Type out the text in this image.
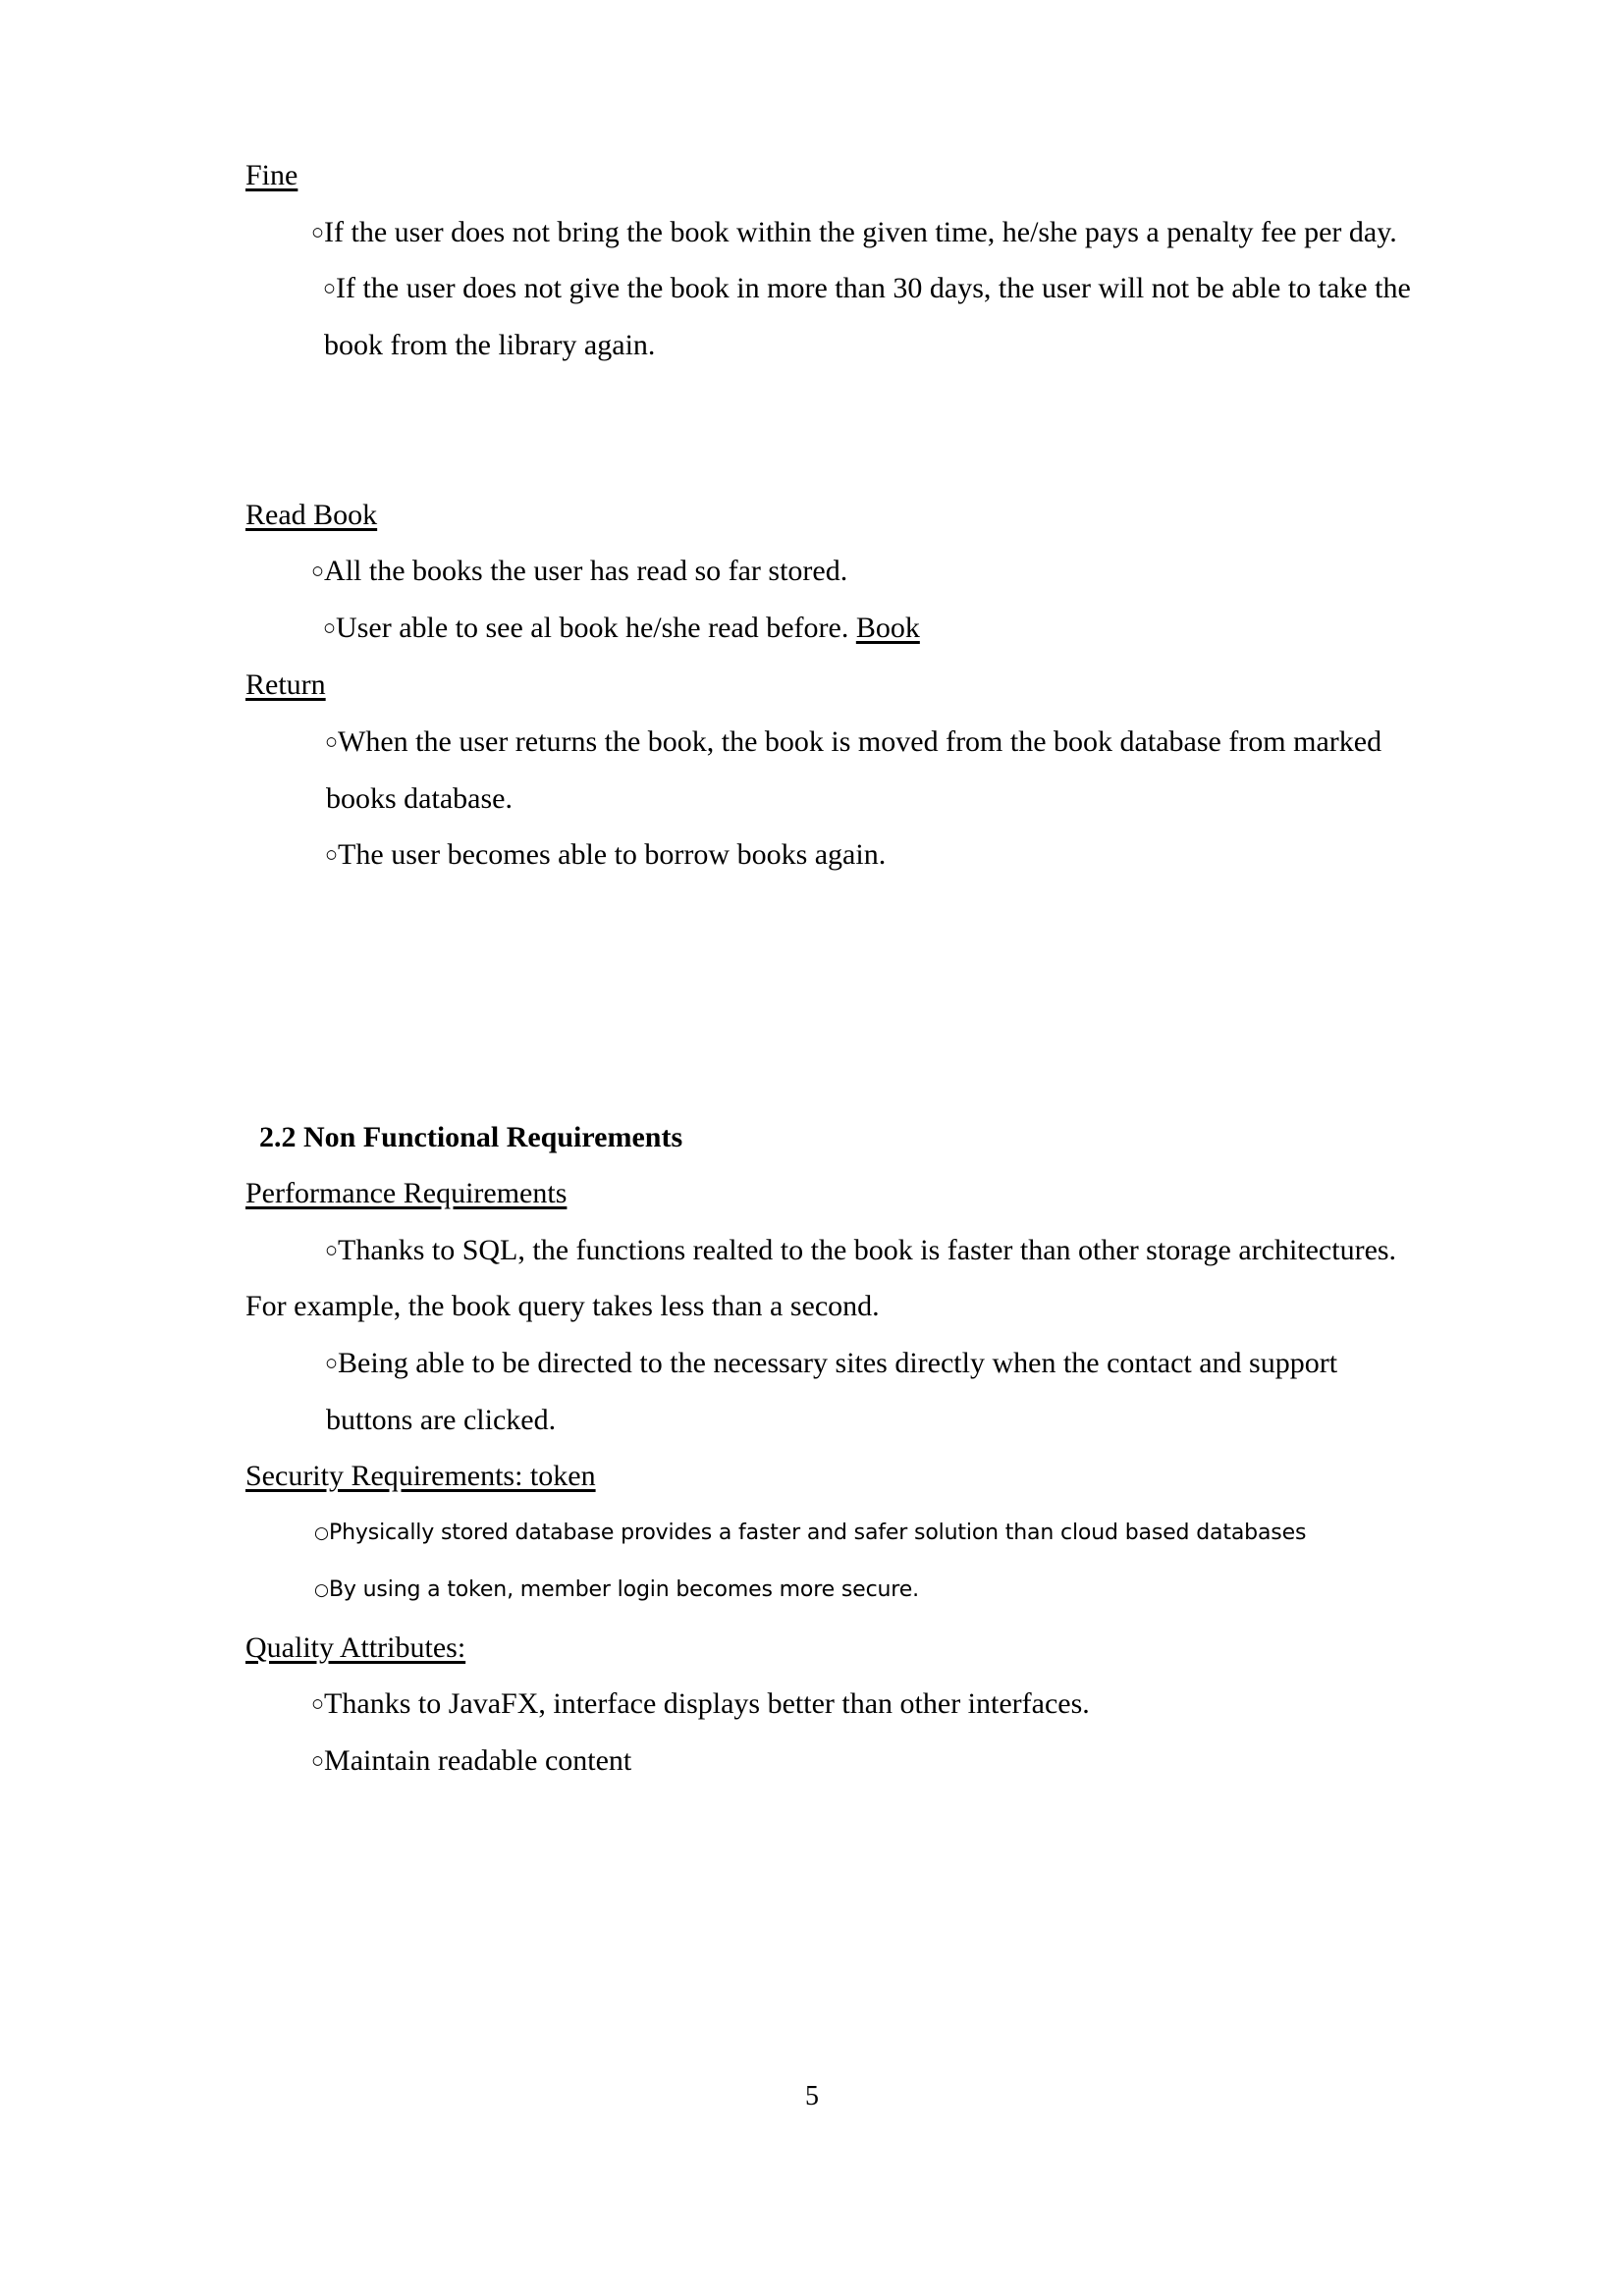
Fine

○If the user does not bring the book within the given time, he/she pays a penalty fee per day.

○If the user does not give the book in more than 30 days, the user will not be able to take the book from the library again.

Read Book

○All the books the user has read so far stored.

○User able to see al book he/she read before. Book

Return

○When the user returns the book, the book is moved from the book database from marked books database.

○The user becomes able to borrow books again.

2.2 Non Functional Requirements

Performance Requirements

○Thanks to SQL, the functions realted to the book is faster than other storage architectures.

For example, the book query takes less than a second.

○Being able to be directed to the necessary sites directly when the contact and support buttons are clicked.

Security Requirements: token

○Physically stored database provides a faster and safer solution than cloud based databases

○By using a token, member login becomes more secure.

Quality Attributes:

○Thanks to JavaFX, interface displays better than other interfaces.

○Maintain readable content

5
